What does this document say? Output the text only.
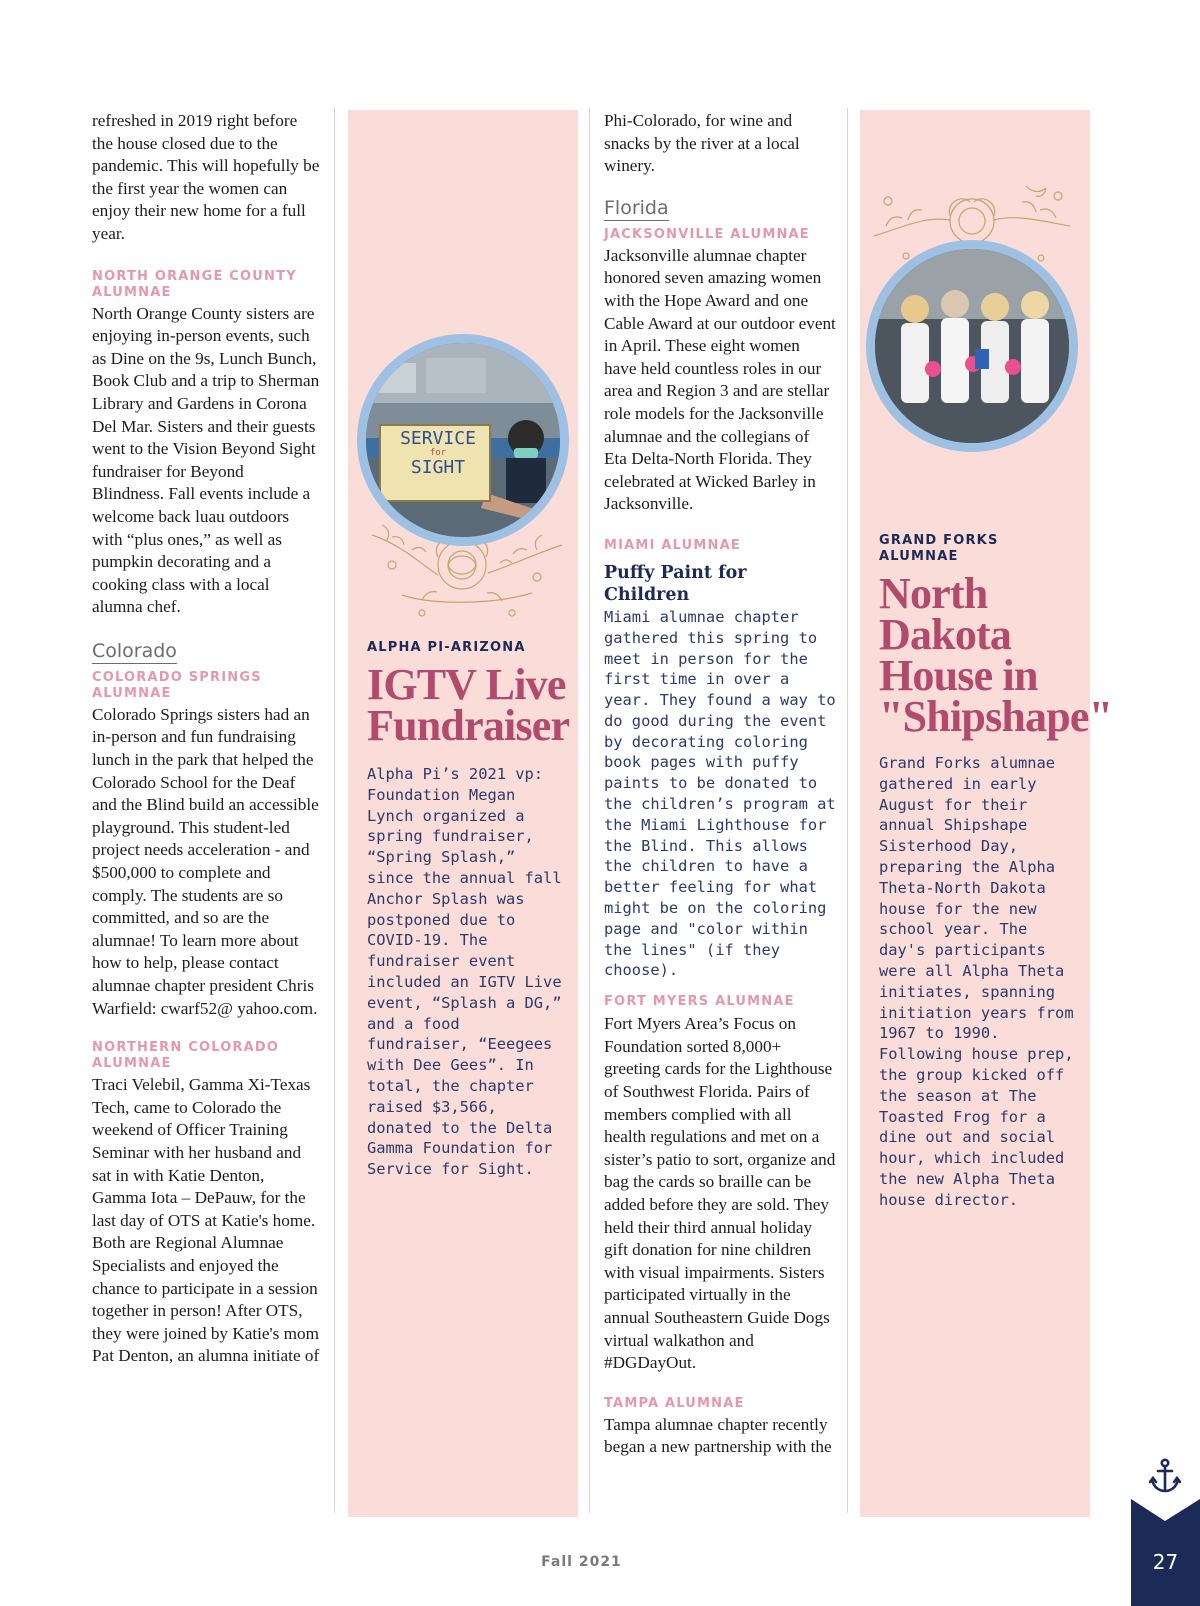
refreshed in 2019 right before the house closed due to the pandemic. This will hopefully be the first year the women can enjoy their new home for a full year.

NORTH ORANGE COUNTY ALUMNAE

North Orange County sisters are enjoying in-person events, such as Dine on the 9s, Lunch Bunch, Book Club and a trip to Sherman Library and Gardens in Corona Del Mar. Sisters and their guests went to the Vision Beyond Sight fundraiser for Beyond Blindness. Fall events include a welcome back luau outdoors with “plus ones,” as well as pumpkin decorating and a cooking class with a local alumna chef.

Colorado
COLORADO SPRINGS ALUMNAE

Colorado Springs sisters had an in-person and fun fundraising lunch in the park that helped the Colorado School for the Deaf and the Blind build an accessible playground. This student-led project needs acceleration - and $500,000 to complete and comply. The students are so committed, and so are the alumnae! To learn more about how to help, please contact alumnae chapter president Chris Warfield: cwarf52@ yahoo.com.

NORTHERN COLORADO ALUMNAE

Traci Velebil, Gamma Xi-Texas Tech, came to Colorado the weekend of Officer Training Seminar with her husband and sat in with Katie Denton, Gamma Iota – DePauw, for the last day of OTS at Katie's home. Both are Regional Alumnae Specialists and enjoyed the chance to participate in a session together in person! After OTS, they were joined by Katie's mom Pat Denton, an alumna initiate of

SERVICE
for
SIGHT
ALPHA PI-ARIZONA
IGTV Live Fundraiser

Alpha Pi’s 2021 vp: Foundation Megan Lynch organized a spring fundraiser, “Spring Splash,” since the annual fall Anchor Splash was postponed due to COVID-19. The fundraiser event included an IGTV Live event, “Splash a DG,” and a food fundraiser, “Eeegees with Dee Gees”. In total, the chapter raised $3,566, donated to the Delta Gamma Foundation for Service for Sight.

Phi-Colorado, for wine and snacks by the river at a local winery.

Florida
JACKSONVILLE ALUMNAE

Jacksonville alumnae chapter honored seven amazing women with the Hope Award and one Cable Award at our outdoor event in April. These eight women have held countless roles in our area and Region 3 and are stellar role models for the Jacksonville alumnae and the collegians of Eta Delta-North Florida. They celebrated at Wicked Barley in Jacksonville.

MIAMI ALUMNAE
Puffy Paint for Children

Miami alumnae chapter gathered this spring to meet in person for the first time in over a year. They found a way to do good during the event by decorating coloring book pages with puffy paints to be donated to the children’s program at the Miami Lighthouse for the Blind. This allows the children to have a better feeling for what might be on the coloring page and "color within the lines" (if they choose).

FORT MYERS ALUMNAE

Fort Myers Area’s Focus on Foundation sorted 8,000+ greeting cards for the Lighthouse of Southwest Florida. Pairs of members complied with all health regulations and met on a sister’s patio to sort, organize and bag the cards so braille can be added before they are sold. They held their third annual holiday gift donation for nine children with visual impairments. Sisters participated virtually in the annual Southeastern Guide Dogs virtual walkathon and #DGDayOut.

TAMPA ALUMNAE

Tampa alumnae chapter recently began a new partnership with the

GRAND FORKS ALUMNAE
North Dakota House in "Shipshape"

Grand Forks alumnae gathered in early August for their annual Shipshape Sisterhood Day, preparing the Alpha Theta-North Dakota house for the new school year. The day's participants were all Alpha Theta initiates, spanning initiation years from 1967 to 1990. Following house prep, the group kicked off the season at The Toasted Frog for a dine out and social hour, which included the new Alpha Theta house director.

Fall 2021	27
